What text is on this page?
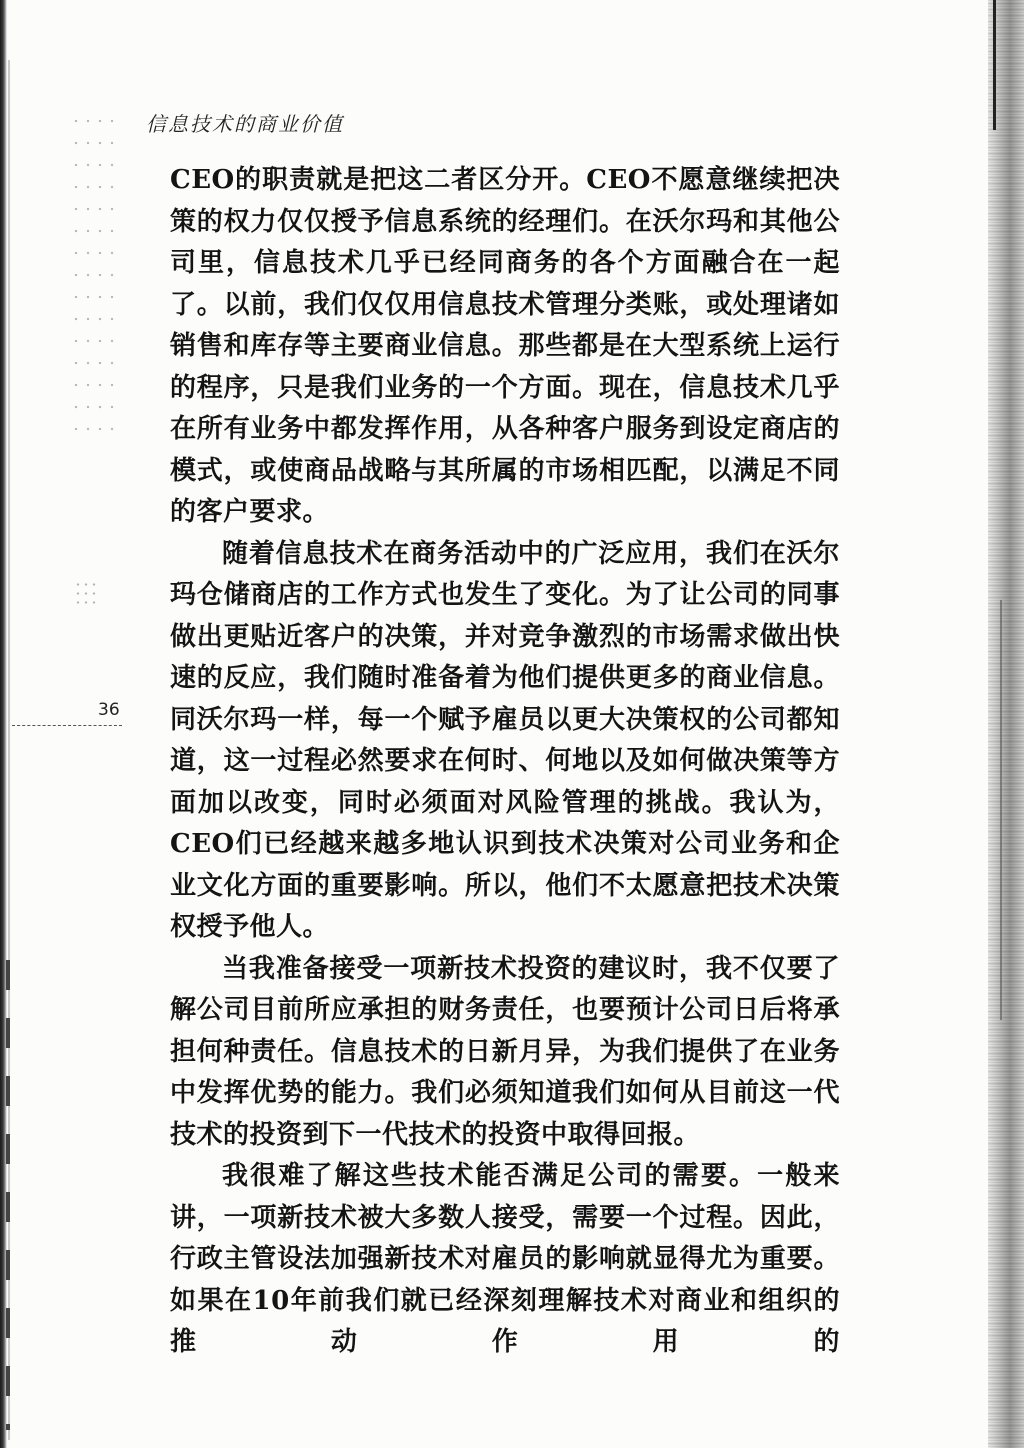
信息技术的商业价值
36

CEO的职责就是把这二者区分开。CEO不愿意继续把决策的权力仅仅授予信息系统的经理们。在沃尔玛和其他公司里，信息技术几乎已经同商务的各个方面融合在一起了。以前，我们仅仅用信息技术管理分类账，或处理诸如销售和库存等主要商业信息。那些都是在大型系统上运行的程序，只是我们业务的一个方面。现在，信息技术几乎在所有业务中都发挥作用，从各种客户服务到设定商店的模式，或使商品战略与其所属的市场相匹配，以满足不同的客户要求。

随着信息技术在商务活动中的广泛应用，我们在沃尔玛仓储商店的工作方式也发生了变化。为了让公司的同事做出更贴近客户的决策，并对竞争激烈的市场需求做出快速的反应，我们随时准备着为他们提供更多的商业信息。同沃尔玛一样，每一个赋予雇员以更大决策权的公司都知道，这一过程必然要求在何时、何地以及如何做决策等方面加以改变，同时必须面对风险管理的挑战。我认为，CEO们已经越来越多地认识到技术决策对公司业务和企业文化方面的重要影响。所以，他们不太愿意把技术决策权授予他人。

当我准备接受一项新技术投资的建议时，我不仅要了解公司目前所应承担的财务责任，也要预计公司日后将承担何种责任。信息技术的日新月异，为我们提供了在业务中发挥优势的能力。我们必须知道我们如何从目前这一代技术的投资到下一代技术的投资中取得回报。

我很难了解这些技术能否满足公司的需要。一般来讲，一项新技术被大多数人接受，需要一个过程。因此，行政主管设法加强新技术对雇员的影响就显得尤为重要。如果在10年前我们就已经深刻理解技术对商业和组织的推动作用的
